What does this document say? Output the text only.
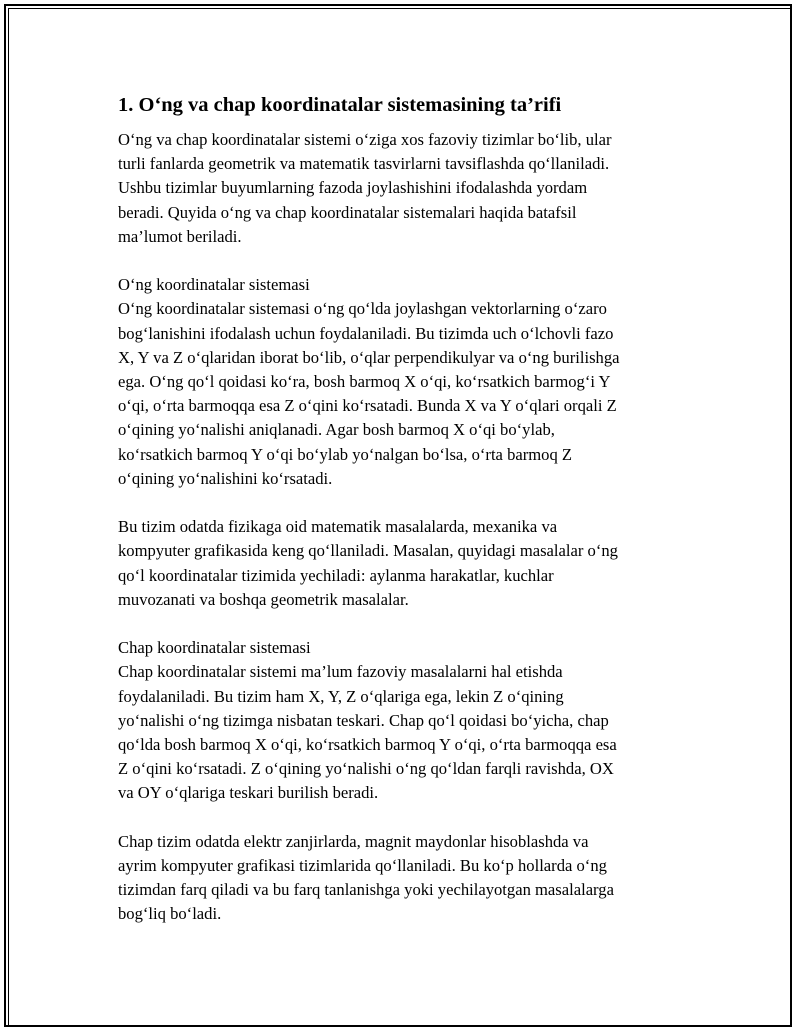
1. O‘ng va chap koordinatalar sistemasining ta’rifi
O‘ng va chap koordinatalar sistemi o‘ziga xos fazoviy tizimlar bo‘lib, ular
turli fanlarda geometrik va matematik tasvirlarni tavsiflashda qo‘llaniladi.
Ushbu tizimlar buyumlarning fazoda joylashishini ifodalashda yordam
beradi. Quyida o‘ng va chap koordinatalar sistemalari haqida batafsil
ma’lumot beriladi.
O‘ng koordinatalar sistemasi
O‘ng koordinatalar sistemasi o‘ng qo‘lda joylashgan vektorlarning o‘zaro
bog‘lanishini ifodalash uchun foydalaniladi. Bu tizimda uch o‘lchovli fazo
X, Y va Z o‘qlaridan iborat bo‘lib, o‘qlar perpendikulyar va o‘ng burilishga
ega. O‘ng qo‘l qoidasi ko‘ra, bosh barmoq X o‘qi, ko‘rsatkich barmog‘i Y
o‘qi, o‘rta barmoqqa esa Z o‘qini ko‘rsatadi. Bunda X va Y o‘qlari orqali Z
o‘qining yo‘nalishi aniqlanadi. Agar bosh barmoq X o‘qi bo‘ylab,
ko‘rsatkich barmoq Y o‘qi bo‘ylab yo‘nalgan bo‘lsa, o‘rta barmoq Z
o‘qining yo‘nalishini ko‘rsatadi.
Bu tizim odatda fizikaga oid matematik masalalarda, mexanika va
kompyuter grafikasida keng qo‘llaniladi. Masalan, quyidagi masalalar o‘ng
qo‘l koordinatalar tizimida yechiladi: aylanma harakatlar, kuchlar
muvozanati va boshqa geometrik masalalar.
Chap koordinatalar sistemasi
Chap koordinatalar sistemi ma’lum fazoviy masalalarni hal etishda
foydalaniladi. Bu tizim ham X, Y, Z o‘qlariga ega, lekin Z o‘qining
yo‘nalishi o‘ng tizimga nisbatan teskari. Chap qo‘l qoidasi bo‘yicha, chap
qo‘lda bosh barmoq X o‘qi, ko‘rsatkich barmoq Y o‘qi, o‘rta barmoqqa esa
Z o‘qini ko‘rsatadi. Z o‘qining yo‘nalishi o‘ng qo‘ldan farqli ravishda, OX
va OY o‘qlariga teskari burilish beradi.
Chap tizim odatda elektr zanjirlarda, magnit maydonlar hisoblashda va
ayrim kompyuter grafikasi tizimlarida qo‘llaniladi. Bu ko‘p hollarda o‘ng
tizimdan farq qiladi va bu farq tanlanishga yoki yechilayotgan masalalarga
bog‘liq bo‘ladi.
